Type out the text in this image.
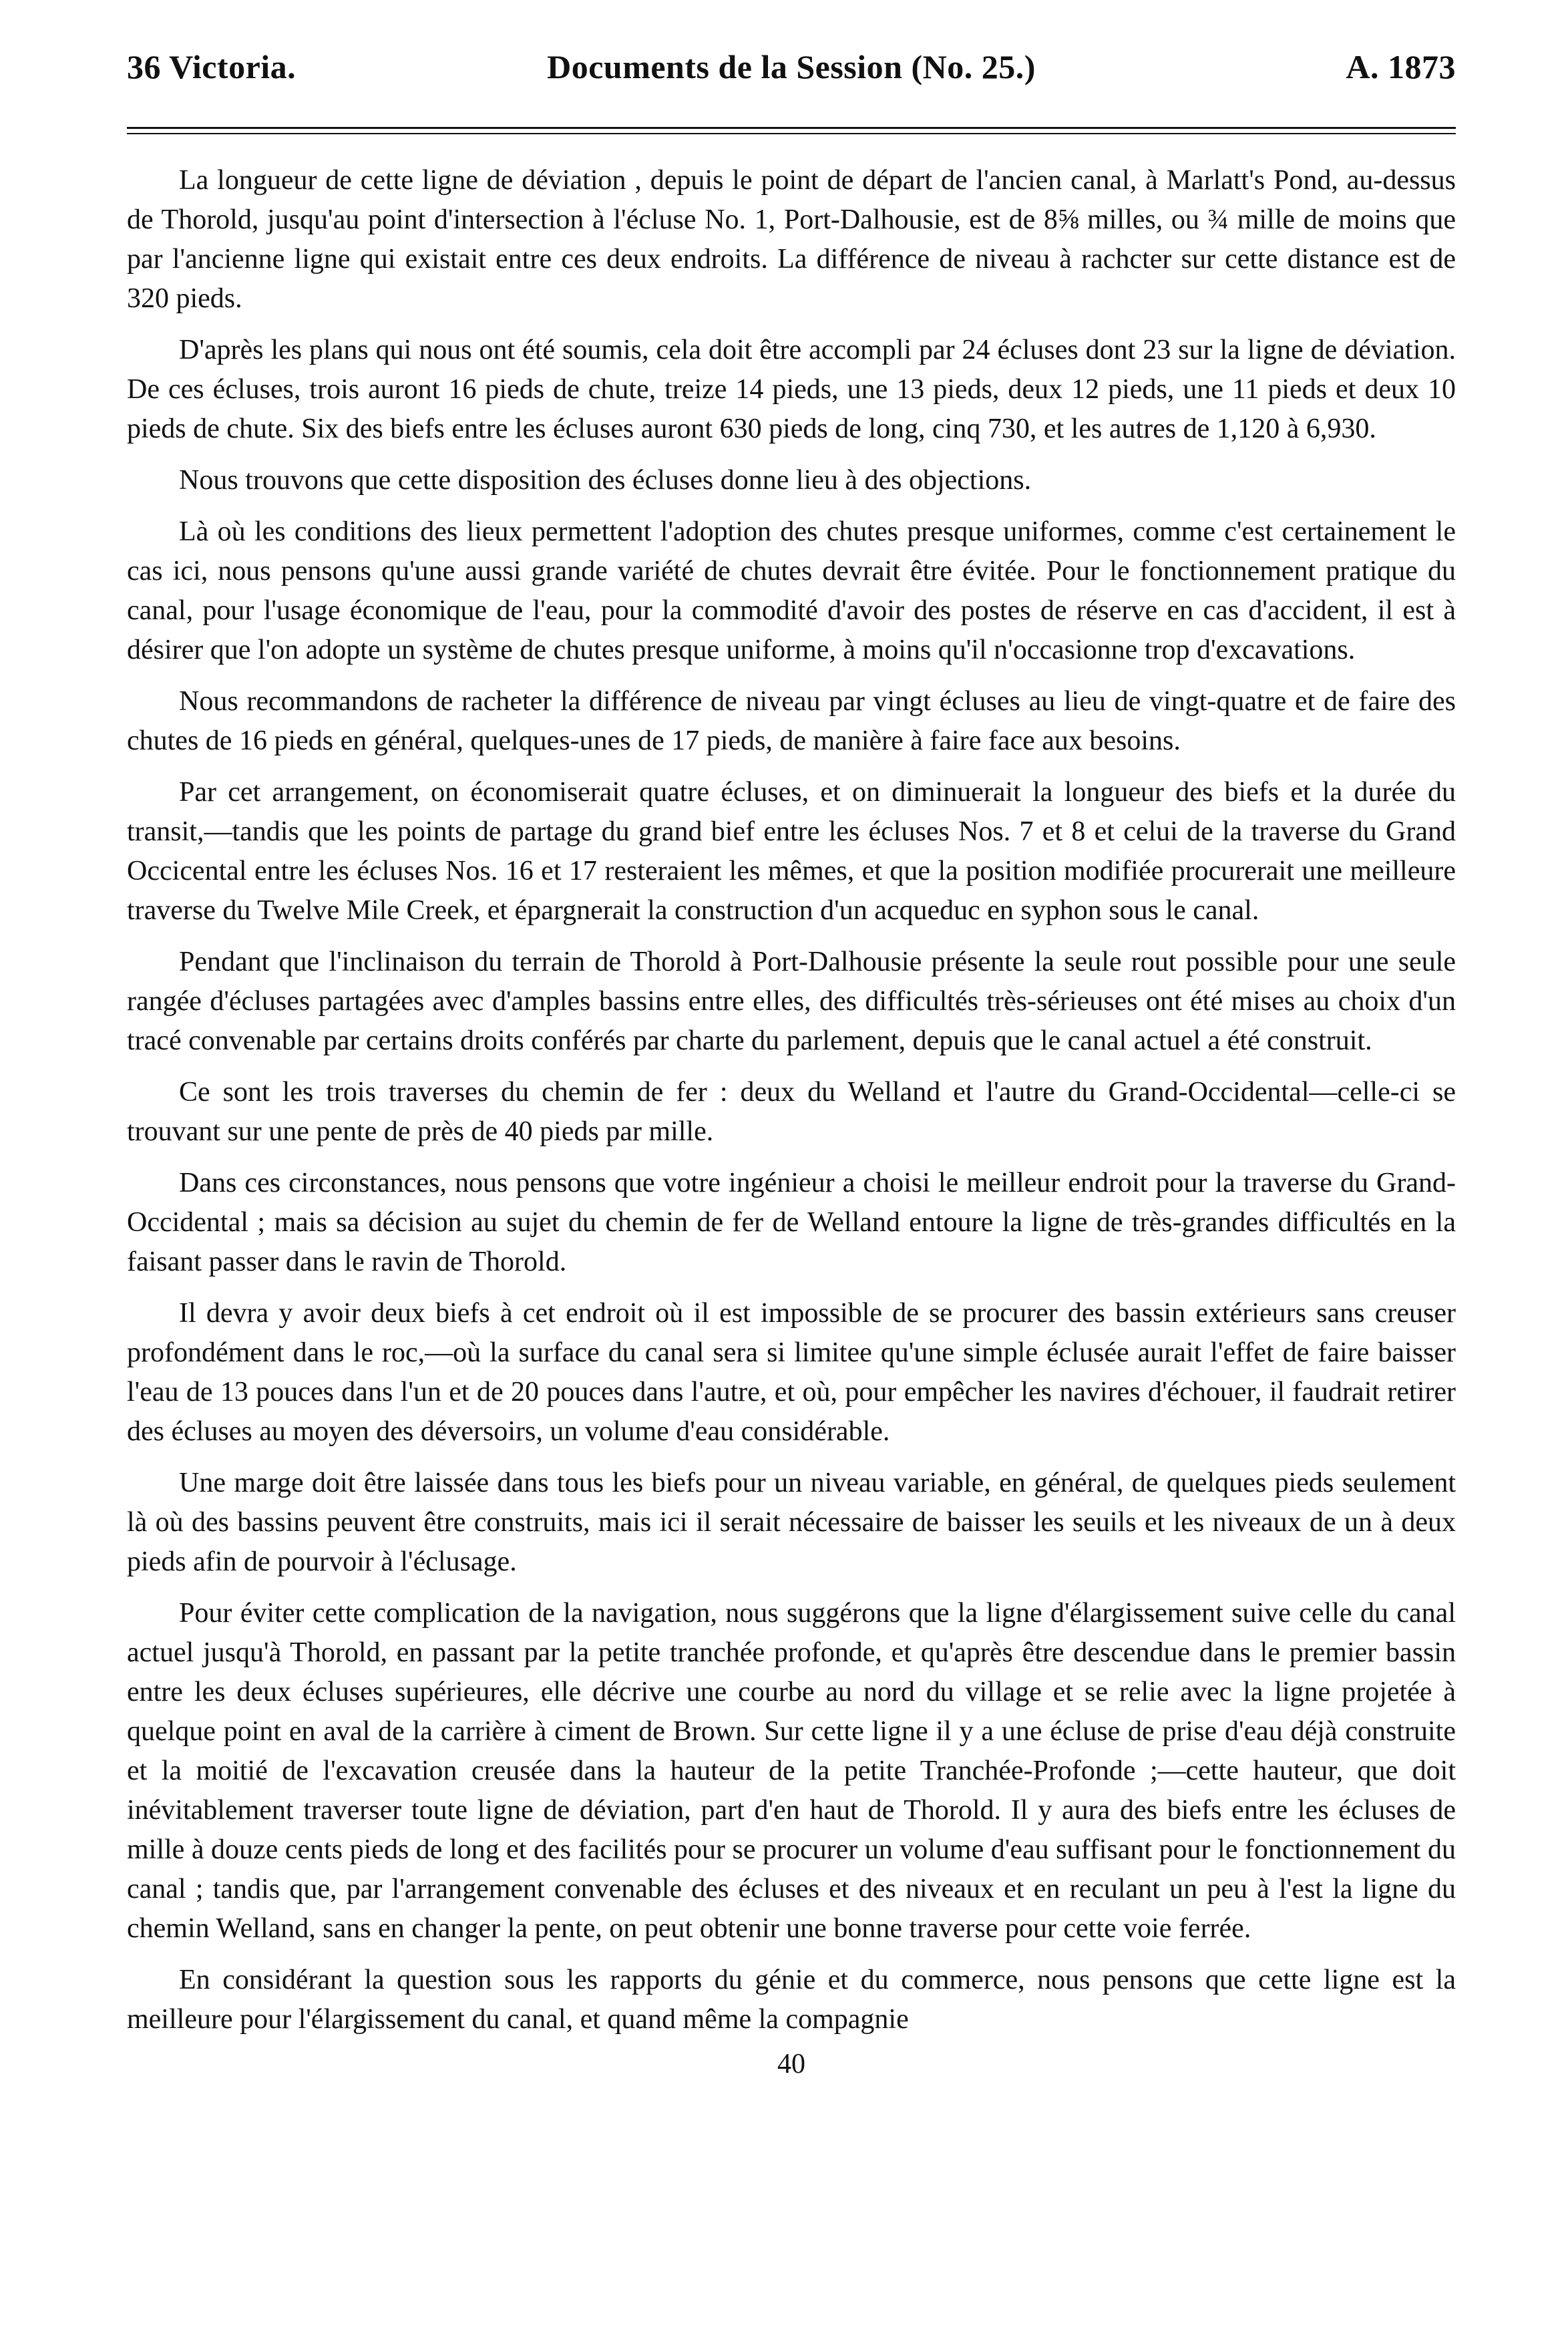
36 Victoria.	Documents de la Session (No. 25.)	A. 1873

La longueur de cette ligne de déviation , depuis le point de départ de l'ancien canal, à Marlatt's Pond, au-dessus de Thorold, jusqu'au point d'intersection à l'écluse No. 1, Port-Dalhousie, est de 8⅝ milles, ou ¾ mille de moins que par l'ancienne ligne qui existait entre ces deux endroits. La différence de niveau à rachcter sur cette distance est de 320 pieds.

D'après les plans qui nous ont été soumis, cela doit être accompli par 24 écluses dont 23 sur la ligne de déviation. De ces écluses, trois auront 16 pieds de chute, treize 14 pieds, une 13 pieds, deux 12 pieds, une 11 pieds et deux 10 pieds de chute. Six des biefs entre les écluses auront 630 pieds de long, cinq 730, et les autres de 1,120 à 6,930.

Nous trouvons que cette disposition des écluses donne lieu à des objections.

Là où les conditions des lieux permettent l'adoption des chutes presque uniformes, comme c'est certainement le cas ici, nous pensons qu'une aussi grande variété de chutes devrait être évitée. Pour le fonctionnement pratique du canal, pour l'usage économique de l'eau, pour la commodité d'avoir des postes de réserve en cas d'accident, il est à désirer que l'on adopte un système de chutes presque uniforme, à moins qu'il n'occasionne trop d'excavations.

Nous recommandons de racheter la différence de niveau par vingt écluses au lieu de vingt-quatre et de faire des chutes de 16 pieds en général, quelques-unes de 17 pieds, de manière à faire face aux besoins.

Par cet arrangement, on économiserait quatre écluses, et on diminuerait la longueur des biefs et la durée du transit,—tandis que les points de partage du grand bief entre les écluses Nos. 7 et 8 et celui de la traverse du Grand Occicental entre les écluses Nos. 16 et 17 resteraient les mêmes, et que la position modifiée procurerait une meilleure traverse du Twelve Mile Creek, et épargnerait la construction d'un acqueduc en syphon sous le canal.

Pendant que l'inclinaison du terrain de Thorold à Port-Dalhousie présente la seule rout possible pour une seule rangée d'écluses partagées avec d'amples bassins entre elles, des difficultés très-sérieuses ont été mises au choix d'un tracé convenable par certains droits conférés par charte du parlement, depuis que le canal actuel a été construit.

Ce sont les trois traverses du chemin de fer : deux du Welland et l'autre du Grand-Occidental—celle-ci se trouvant sur une pente de près de 40 pieds par mille.

Dans ces circonstances, nous pensons que votre ingénieur a choisi le meilleur endroit pour la traverse du Grand-Occidental ; mais sa décision au sujet du chemin de fer de Welland entoure la ligne de très-grandes difficultés en la faisant passer dans le ravin de Thorold.

Il devra y avoir deux biefs à cet endroit où il est impossible de se procurer des bassin extérieurs sans creuser profondément dans le roc,—où la surface du canal sera si limitee qu'une simple éclusée aurait l'effet de faire baisser l'eau de 13 pouces dans l'un et de 20 pouces dans l'autre, et où, pour empêcher les navires d'échouer, il faudrait retirer des écluses au moyen des déversoirs, un volume d'eau considérable.

Une marge doit être laissée dans tous les biefs pour un niveau variable, en général, de quelques pieds seulement là où des bassins peuvent être construits, mais ici il serait nécessaire de baisser les seuils et les niveaux de un à deux pieds afin de pourvoir à l'éclusage.

Pour éviter cette complication de la navigation, nous suggérons que la ligne d'élargissement suive celle du canal actuel jusqu'à Thorold, en passant par la petite tranchée profonde, et qu'après être descendue dans le premier bassin entre les deux écluses supérieures, elle décrive une courbe au nord du village et se relie avec la ligne projetée à quelque point en aval de la carrière à ciment de Brown. Sur cette ligne il y a une écluse de prise d'eau déjà construite et la moitié de l'excavation creusée dans la hauteur de la petite Tranchée-Profonde ;—cette hauteur, que doit inévitablement traverser toute ligne de déviation, part d'en haut de Thorold. Il y aura des biefs entre les écluses de mille à douze cents pieds de long et des facilités pour se procurer un volume d'eau suffisant pour le fonctionnement du canal ; tandis que, par l'arrangement convenable des écluses et des niveaux et en reculant un peu à l'est la ligne du chemin Welland, sans en changer la pente, on peut obtenir une bonne traverse pour cette voie ferrée.

En considérant la question sous les rapports du génie et du commerce, nous pensons que cette ligne est la meilleure pour l'élargissement du canal, et quand même la compagnie

40
